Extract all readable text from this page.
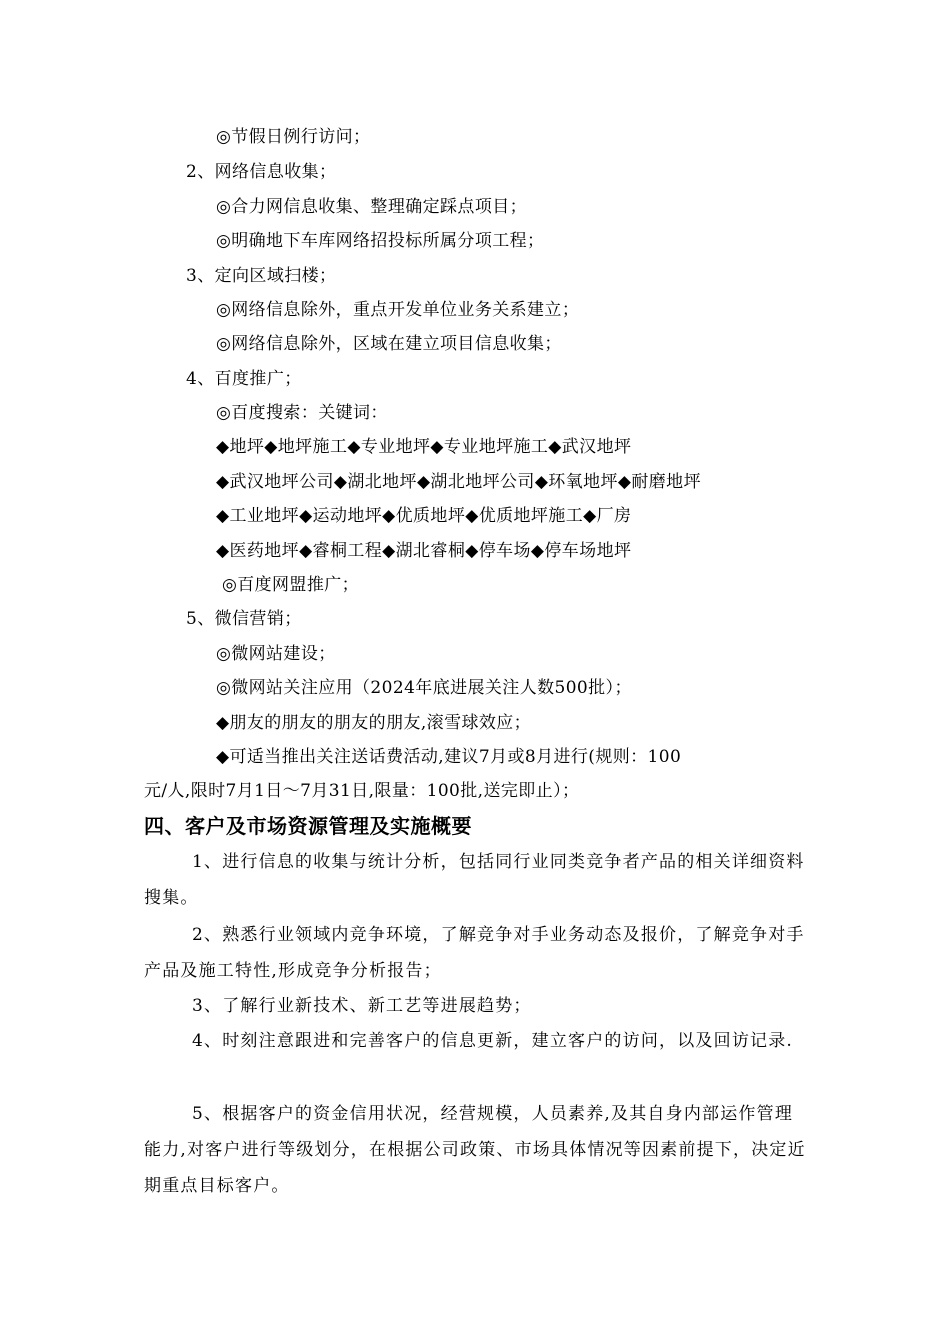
◎节假日例行访问；
2、网络信息收集；
◎合力网信息收集、整理确定踩点项目；
◎明确地下车库网络招投标所属分项工程；
3、定向区域扫楼；
◎网络信息除外，重点开发单位业务关系建立；
◎网络信息除外，区域在建立项目信息收集；
4、百度推广；
◎百度搜索：关键词：
◆地坪◆地坪施工◆专业地坪◆专业地坪施工◆武汉地坪
◆武汉地坪公司◆湖北地坪◆湖北地坪公司◆环氧地坪◆耐磨地坪
◆工业地坪◆运动地坪◆优质地坪◆优质地坪施工◆厂房
◆医药地坪◆睿桐工程◆湖北睿桐◆停车场◆停车场地坪
◎百度网盟推广；
5、微信营销；
◎微网站建设；
◎微网站关注应用（2024年底进展关注人数500批）；
◆朋友的朋友的朋友的朋友,滚雪球效应；
◆可适当推出关注送话费活动,建议7月或8月进行(规则：100
元/人,限时7月1日～7月31日,限量：100批,送完即止）；
四、客户及市场资源管理及实施概要

1、进行信息的收集与统计分析，包括同行业同类竞争者产品的相关详细资料搜集。

2、熟悉行业领域内竞争环境，了解竞争对手业务动态及报价，了解竞争对手产品及施工特性,形成竞争分析报告；

3、了解行业新技术、新工艺等进展趋势；

4、时刻注意跟进和完善客户的信息更新，建立客户的访问，以及回访记录.

5、根据客户的资金信用状况，经营规模，人员素养,及其自身内部运作管理能力,对客户进行等级划分，在根据公司政策、市场具体情况等因素前提下，决定近期重点目标客户。
